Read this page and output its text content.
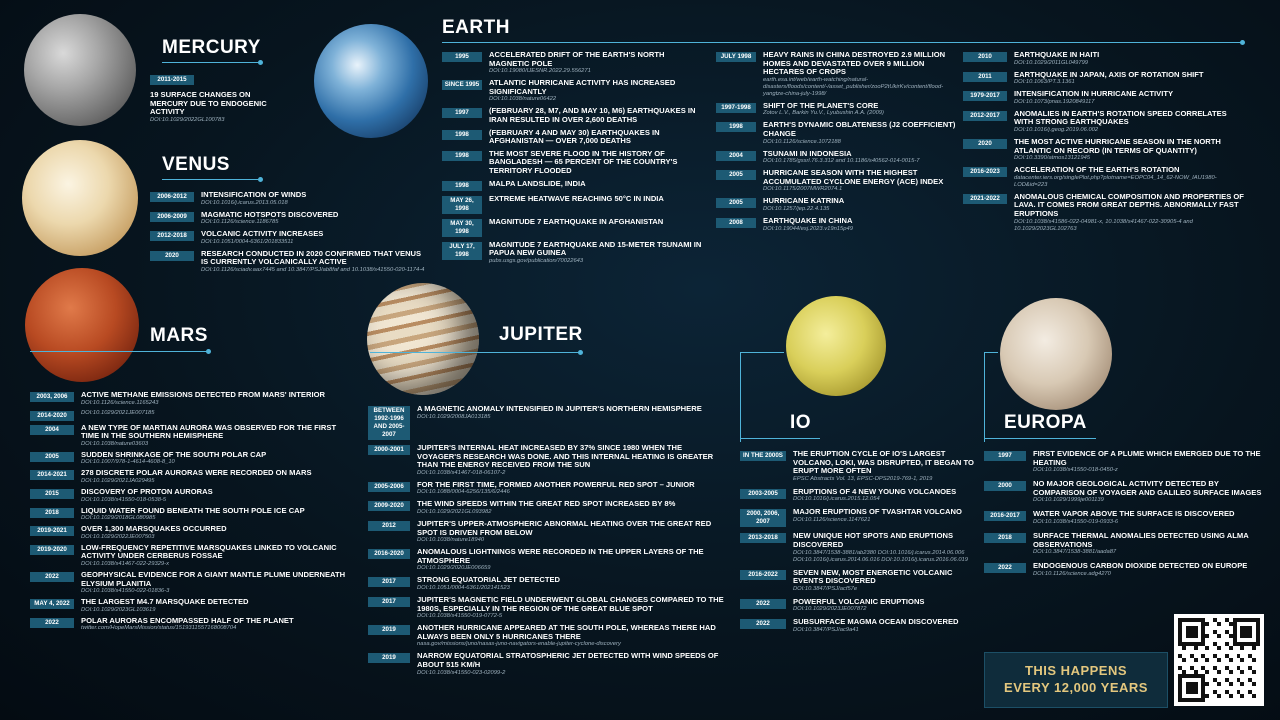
MERCURY
VENUS
MARS
EARTH
JUPITER
IO	EUROPA
2011-2015
19 SURFACE CHANGES ON MERCURY DUE TO ENDOGENIC ACTIVITY
DOI:10.1029/2022GL100783
2006-2012	INTENSIFICATION OF WINDS
DOI:10.1016/j.icarus.2013.05.018
2006-2009	MAGMATIC HOTSPOTS DISCOVERED
DOI:10.1126/science.1186785
2012-2018	VOLCANIC ACTIVITY INCREASES
DOI:10.1051/0004-6361/201833511
2020	RESEARCH CONDUCTED IN 2020 CONFIRMED THAT VENUS IS CURRENTLY VOLCANICALLY ACTIVE
DOI:10.1126/sciadv.aax7445 and 10.3847/PSJ/ab8faf and 10.1038/s41550-020-1174-4
2003, 2006	ACTIVE METHANE EMISSIONS DETECTED FROM MARS' INTERIOR
DOI:10.1126/science.1165243
2014-2020	DOI:10.1029/2021JE007185
2004	A NEW TYPE OF MARTIAN AURORA WAS OBSERVED FOR THE FIRST TIME IN THE SOUTHERN HEMISPHERE
DOI:10.1038/nature03603
2005	SUDDEN SHRINKAGE OF THE SOUTH POLAR CAP
DOI:10.1007/978-1-4614-4608-8_10
2014-2021	278 DISCRETE POLAR AURORAS WERE RECORDED ON MARS
DOI:10.1029/2021JA029495
2015	DISCOVERY OF PROTON AURORAS
DOI:10.1038/s41550-018-0538-5
2018	LIQUID WATER FOUND BENEATH THE SOUTH POLE ICE CAP
DOI:10.1029/2018GL080985
2019-2021	OVER 1,300 MARSQUAKES OCCURRED
DOI:10.1029/2022JE007503
2019-2020	LOW-FREQUENCY REPETITIVE MARSQUAKES LINKED TO VOLCANIC ACTIVITY UNDER CERBERUS FOSSAE
DOI:10.1038/s41467-022-29329-x
2022	GEOPHYSICAL EVIDENCE FOR A GIANT MANTLE PLUME UNDERNEATH ELYSIUM PLANITIA
DOI:10.1038/s41550-022-01836-3
MAY 4, 2022	THE LARGEST M4.7 MARSQUAKE DETECTED
DOI:10.1029/2023GL103619
2022	POLAR AURORAS ENCOMPASSED HALF OF THE PLANET
twitter.com/HopeMarsMission/status/1519311557168008704
1995	ACCELERATED DRIFT OF THE EARTH'S NORTH MAGNETIC POLE
DOI:10.19080/IJESNR.2022.29.556271
SINCE 1995	ATLANTIC HURRICANE ACTIVITY HAS INCREASED SIGNIFICANTLY
DOI:10.1038/nature06422
1997	(FEBRUARY 28, M7, AND MAY 10, M6) EARTHQUAKES IN IRAN RESULTED IN OVER 2,600 DEATHS
1998	(FEBRUARY 4 AND MAY 30) EARTHQUAKES IN AFGHANISTAN — OVER 7,000 DEATHS
1998	THE MOST SEVERE FLOOD IN THE HISTORY OF BANGLADESH — 65 PERCENT OF THE COUNTRY'S TERRITORY FLOODED
1998	MALPA LANDSLIDE, INDIA
MAY 26, 1998
EXTREME HEATWAVE REACHING 50°C IN INDIA
MAY 30, 1998
MAGNITUDE 7 EARTHQUAKE IN AFGHANISTAN
JULY 17, 1998
MAGNITUDE 7 EARTHQUAKE AND 15-METER TSUNAMI IN PAPUA NEW GUINEA
pubs.usgs.gov/publication/70022643
JULY 1998	HEAVY RAINS IN CHINA DESTROYED 2.9 MILLION HOMES AND DEVASTATED OVER 9 MILLION HECTARES OF CROPS
earth.esa.int/web/earth-watching/natural-disasters/floods/content/-/asset_publisher/zooP2tUkirKv/content/flood-yangtze-china-july-1998/
1997-1998	SHIFT OF THE PLANET'S CORE
Zotov L.V., Barkin Yu.V., Lyubushin A.A. (2009)
1998	EARTH'S DYNAMIC OBLATENESS (J2 COEFFICIENT) CHANGE
DOI:10.1126/science.1072188
2004	TSUNAMI IN INDONESIA
DOI:10.1785/gssrl.76.3.312 and 10.1186/s40562-014-0015-7
2005	HURRICANE SEASON WITH THE HIGHEST ACCUMULATED CYCLONE ENERGY (ACE) INDEX
DOI:10.1175/2007MWR2074.1
2005	HURRICANE KATRINA
DOI:10.1257/jep.22.4.135
2008	EARTHQUAKE IN CHINA
DOI:10.19044/esj.2023.v19n15p49
2010	EARTHQUAKE IN HAITI
DOI:10.1029/2011GL049799
2011	EARTHQUAKE IN JAPAN, AXIS OF ROTATION SHIFT
DOI:10.1063/PT.3.1361
1979-2017	INTENSIFICATION IN HURRICANE ACTIVITY
DOI:10.1073/pnas.1920849117
2012-2017	ANOMALIES IN EARTH'S ROTATION SPEED CORRELATES WITH STRONG EARTHQUAKES
DOI:10.1016/j.geog.2019.06.002
2020	THE MOST ACTIVE HURRICANE SEASON IN THE NORTH ATLANTIC ON RECORD (IN TERMS OF QUANTITY)
DOI:10.3390/atmos13121945
2016-2023	ACCELERATION OF THE EARTH'S ROTATION
datacenter.iers.org/singlePlot.php?plotname=EOPC04_14_62-NOW_IAU1980-LOD&id=223
2021-2022	ANOMALOUS CHEMICAL COMPOSITION AND PROPERTIES OF LAVA. IT COMES FROM GREAT DEPTHS. ABNORMALLY FAST ERUPTIONS
DOI:10.1038/s41586-022-04981-x, 10.1038/s41467-022-30905-4 and 10.1029/2023GL102763
BETWEEN 1992-1996 AND 2005-2007
A MAGNETIC ANOMALY INTENSIFIED IN JUPITER'S NORTHERN HEMISPHERE
DOI:10.1029/2008JA013185
2000-2001	JUPITER'S INTERNAL HEAT INCREASED BY 37% SINCE 1980 WHEN THE VOYAGER'S RESEARCH WAS DONE. AND THIS INTERNAL HEATING IS GREATER THAN THE ENERGY RECEIVED FROM THE SUN
DOI:10.1038/s41467-018-06107-2
2005-2006	FOR THE FIRST TIME, FORMED ANOTHER POWERFUL RED SPOT – JUNIOR
DOI:10.1088/0004-6256/135/6/2446
2009-2020	THE WIND SPEEDS WITHIN THE GREAT RED SPOT INCREASED BY 8%
DOI:10.1029/2021GL093982
2012	JUPITER'S UPPER-ATMOSPHERIC ABNORMAL HEATING OVER THE GREAT RED SPOT IS DRIVEN FROM BELOW
DOI:10.1038/nature18940
2016-2020	ANOMALOUS LIGHTNINGS WERE RECORDED IN THE UPPER LAYERS OF THE ATMOSPHERE
DOI:10.1029/2020JE006659
2017	STRONG EQUATORIAL JET DETECTED
DOI:10.1051/0004-6361/202141523
2017	JUPITER'S MAGNETIC FIELD UNDERWENT GLOBAL CHANGES COMPARED TO THE 1980S, ESPECIALLY IN THE REGION OF THE GREAT BLUE SPOT
DOI:10.1038/s41550-019-0772-5
2019	ANOTHER HURRICANE APPEARED AT THE SOUTH POLE, WHEREAS THERE HAD ALWAYS BEEN ONLY 5 HURRICANES THERE
nasa.gov/missions/juno/nasas-juno-navigators-enable-jupiter-cyclone-discovery
2019	NARROW EQUATORIAL STRATOSPHERIC JET DETECTED WITH WIND SPEEDS OF ABOUT 515 KM/H
DOI:10.1038/s41550-023-02099-2
IN THE 2000S	THE ERUPTION CYCLE OF IO'S LARGEST VOLCANO, LOKI, WAS DISRUPTED, IT BEGAN TO ERUPT MORE OFTEN
EPSC Abstracts Vol. 13, EPSC-DPS2019-769-1, 2019
2003-2005	ERUPTIONS OF 4 NEW YOUNG VOLCANOES
DOI:10.1016/j.icarus.2015.12.054
2000, 2006, 2007
MAJOR ERUPTIONS OF TVASHTAR VOLCANO
DOI:10.1126/science.1147621
2013-2018	NEW UNIQUE HOT SPOTS AND ERUPTIONS DISCOVERED
DOI:10.3847/1538-3881/ab2380 DOI:10.1016/j.icarus.2014.06.006 DOI:10.1016/j.icarus.2014.06.016 DOI:10.1016/j.icarus.2016.06.019
2016-2022	SEVEN NEW, MOST ENERGETIC VOLCANIC EVENTS DISCOVERED
DOI:10.3847/PSJ/acf57e
2022	POWERFUL VOLCANIC ERUPTIONS
DOI:10.1029/2023JE007872
2022	SUBSURFACE MAGMA OCEAN DISCOVERED
DOI:10.3847/PSJ/ac9a41
1997	FIRST EVIDENCE OF A PLUME WHICH EMERGED DUE TO THE HEATING
DOI:10.1038/s41550-018-0450-z
2000	NO MAJOR GEOLOGICAL ACTIVITY DETECTED BY COMPARISON OF VOYAGER AND GALILEO SURFACE IMAGES
DOI:10.1029/1999je001139
2016-2017	WATER VAPOR ABOVE THE SURFACE IS DISCOVERED
DOI:10.1038/s41550-019-0933-6
2018	SURFACE THERMAL ANOMALIES DETECTED USING ALMA OBSERVATIONS
DOI:10.3847/1538-3881/aada87
2022	ENDOGENOUS CARBON DIOXIDE DETECTED ON EUROPE
DOI:10.1126/science.adg4270
THIS HAPPENS
EVERY 12,000 YEARS
